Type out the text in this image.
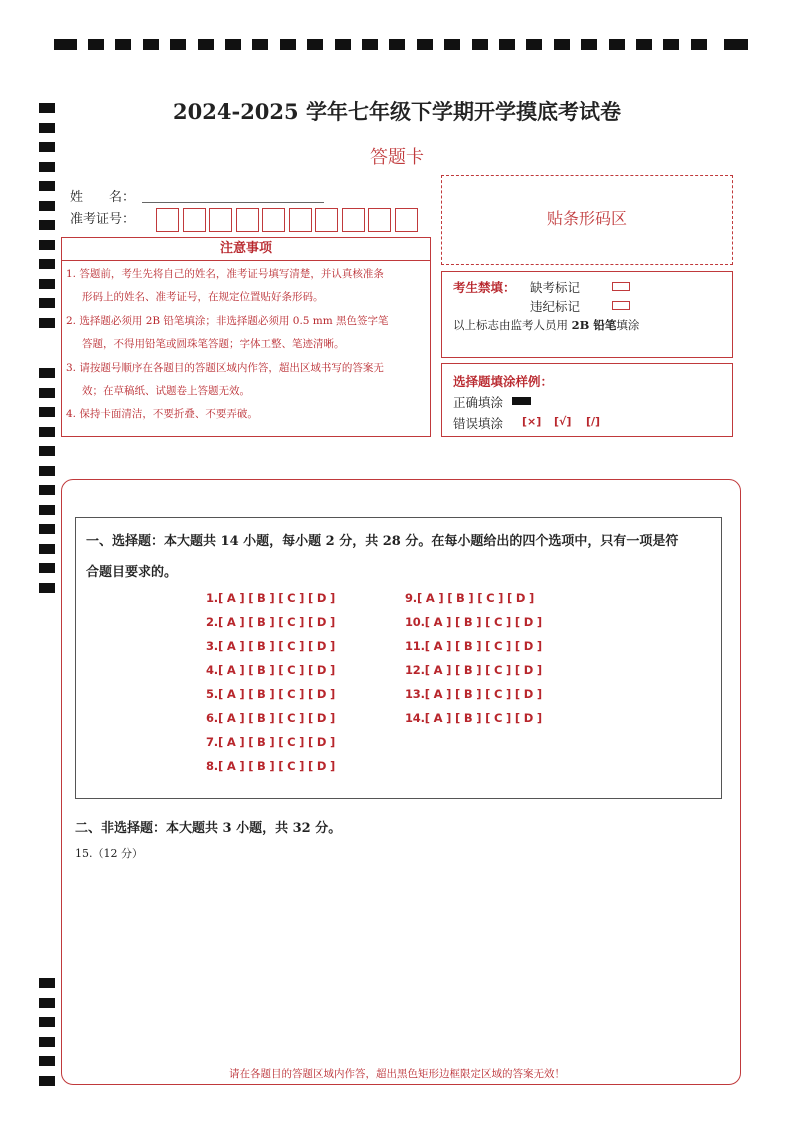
2024-2025 学年七年级下学期开学摸底考试卷
答题卡
姓　　名：
准考证号：	贴条形码区
注意事项
1. 答题前，考生先将自己的姓名，准考证号填写清楚，并认真核准条
形码上的姓名、准考证号，在规定位置贴好条形码。
2. 选择题必须用 2B 铅笔填涂；非选择题必须用 0.5 mm 黑色签字笔
答题，不得用铅笔或圆珠笔答题；字体工整、笔迹清晰。
3. 请按题号顺序在各题目的答题区域内作答，超出区域书写的答案无
效；在草稿纸、试题卷上答题无效。
4. 保持卡面清洁，不要折叠、不要弄破。
考生禁填： 缺考标记
违纪标记
以上标志由监考人员用 2B 铅笔填涂
选择题填涂样例：
正确填涂
错误填涂 [×] [√] [/]
一、选择题：本大题共 14 小题，每小题 2 分，共 28 分。在每小题给出的四个选项中，只有一项是符
合题目要求的。
1.[ A ] [ B ] [ C ] [ D ]
2.[ A ] [ B ] [ C ] [ D ]
3.[ A ] [ B ] [ C ] [ D ]
4.[ A ] [ B ] [ C ] [ D ]
5.[ A ] [ B ] [ C ] [ D ]
6.[ A ] [ B ] [ C ] [ D ]
7.[ A ] [ B ] [ C ] [ D ]
8.[ A ] [ B ] [ C ] [ D ]
9.[ A ] [ B ] [ C ] [ D ]
10.[ A ] [ B ] [ C ] [ D ]
11.[ A ] [ B ] [ C ] [ D ]
12.[ A ] [ B ] [ C ] [ D ]
13.[ A ] [ B ] [ C ] [ D ]
14.[ A ] [ B ] [ C ] [ D ]
二、非选择题：本大题共 3 小题，共 32 分。
15.（12 分）
请在各题目的答题区域内作答，超出黑色矩形边框限定区域的答案无效！
